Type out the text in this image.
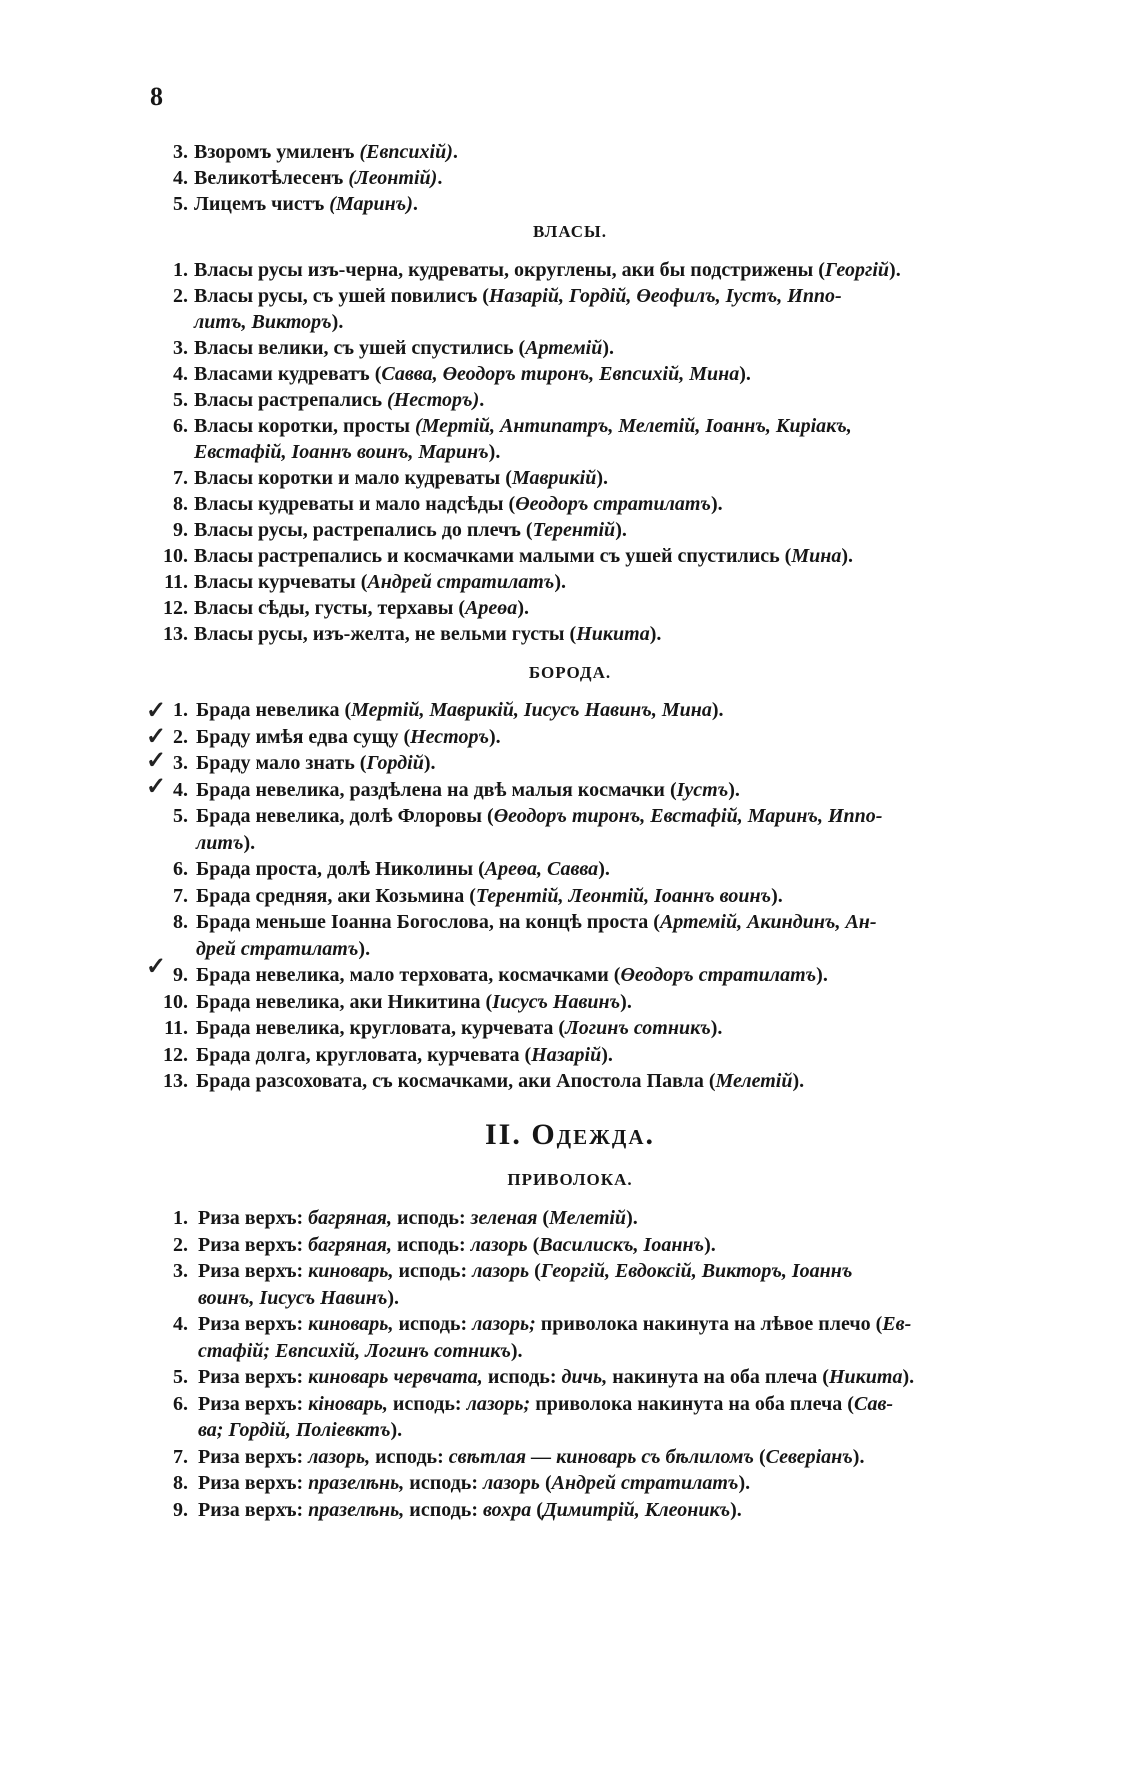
8
3. Взоромъ умиленъ (Евпсихій).
4. Великотѣлесенъ (Леонтій).
5. Лицемъ чистъ (Маринъ).
ВЛАСЫ.
1. Власы русы изъ-черна, кудреваты, округлены, аки бы подстрижены (Георгій).
2. Власы русы, съ ушей повилисъ (Назарій, Гордій, Өеофилъ, Іустъ, Иппо-
литъ, Викторъ).
3. Власы велики, съ ушей спустились (Артемій).
4. Власами кудреватъ (Савва, Өеодоръ тиронъ, Евпсихій, Мина).
5. Власы растрепались (Несторъ).
6. Власы коротки, просты (Мертій, Антипатръ, Мелетій, Іоаннъ, Киріакъ,
Евстафій, Іоаннъ воинъ, Маринъ).
7. Власы коротки и мало кудреваты (Маврикій).
8. Власы кудреваты и мало надсѣды (Өеодоръ стратилатъ).
9. Власы русы, растрепались до плечъ (Терентій).
10. Власы растрепались и космачками малыми съ ушей спустились (Мина).
11. Власы курчеваты (Андрей стратилатъ).
12. Власы сѣды, густы, терхавы (Ареөа).
13. Власы русы, изъ-желта, не вельми густы (Никита).
БОРОДА.
1. Брада невелика (Мертій, Маврикій, Іисусъ Навинъ, Мина).
2. Браду имѣя едва сущу (Несторъ).
3. Браду мало знать (Гордій).
4. Брада невелика, раздѣлена на двѣ малыя космачки (Іустъ).
5. Брада невелика, долѣ Флоровы (Өеодоръ тиронъ, Евстафій, Маринъ, Иппо-
литъ).
6. Брада проста, долѣ Николины (Ареөа, Савва).
7. Брада средняя, аки Козьмина (Терентій, Леонтій, Іоаннъ воинъ).
8. Брада меньше Іоанна Богослова, на концѣ проста (Артемій, Акиндинъ, Ан-
дрей стратилатъ).
9. Брада невелика, мало терховата, космачками (Өеодоръ стратилатъ).
10. Брада невелика, аки Никитина (Іисусъ Навинъ).
11. Брада невелика, кругловата, курчевата (Логинъ сотникъ).
12. Брада долга, кругловата, курчевата (Назарій).
13. Брада разсоховата, съ космачками, аки Апостола Павла (Мелетій).
✓
✓
✓
✓
✓
II. Одежда.
ПРИВОЛОКА.
1. Риза верхъ: багряная, исподь: зеленая (Мелетій).
2. Риза верхъ: багряная, исподь: лазорь (Василискъ, Іоаннъ).
3. Риза верхъ: киноварь, исподь: лазорь (Георгій, Евдоксій, Викторъ, Іоаннъ
воинъ, Іисусъ Навинъ).
4. Риза верхъ: киноварь, исподь: лазорь; приволока накинута на лѣвое плечо (Ев-
стафій; Евпсихій, Логинъ сотникъ).
5. Риза верхъ: киноварь червчата, исподь: дичь, накинута на оба плеча (Никита).
6. Риза верхъ: кіноварь, исподь: лазорь; приволока накинута на оба плеча (Сав-
ва; Гордій, Поліевктъ).
7. Риза верхъ: лазорь, исподь: свѣтлая — киноварь съ бѣлиломъ (Северіанъ).
8. Риза верхъ: празелѣнь, исподь: лазорь (Андрей стратилатъ).
9. Риза верхъ: празелѣнь, исподь: вохра (Димитрій, Клеоникъ).
